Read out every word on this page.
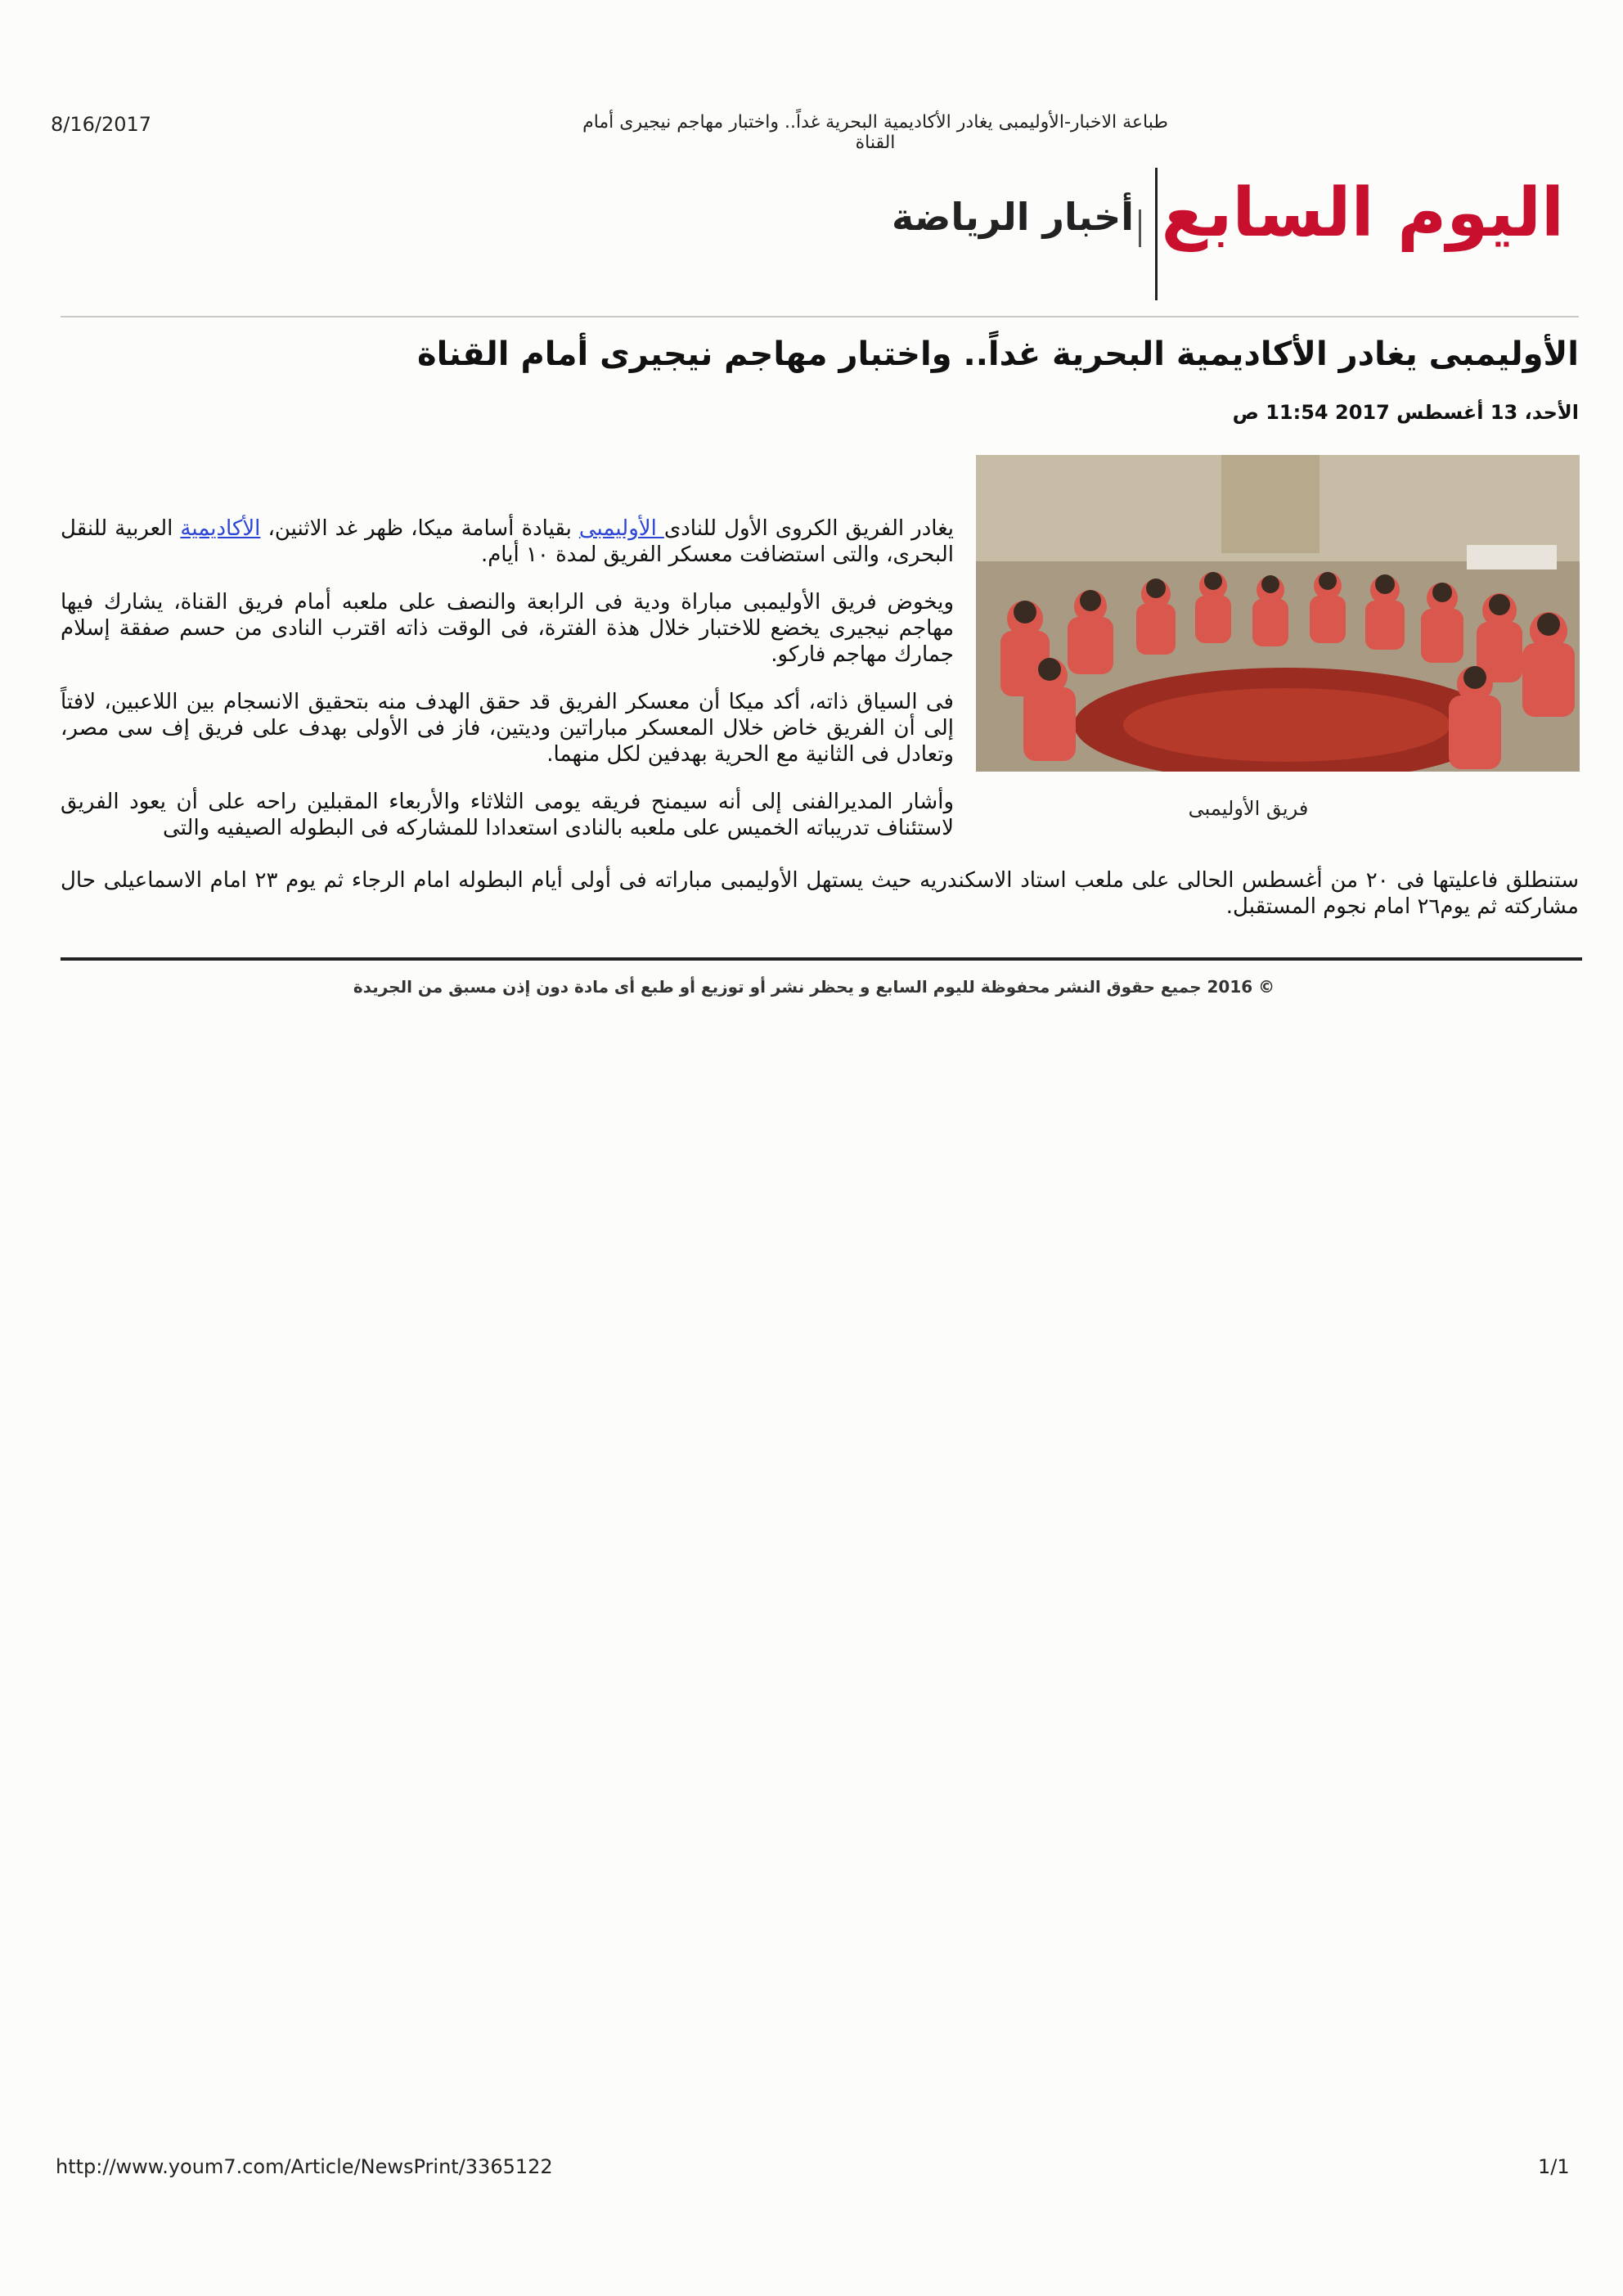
8/16/2017	طباعة الاخبار-الأوليمبى يغادر الأكاديمية البحرية غداً.. واختبار مهاجم نيجيرى أمام القناة
اليوم السابع
أخبار الرياضة
الأوليمبى يغادر الأكاديمية البحرية غداً.. واختبار مهاجم نيجيرى أمام القناة
الأحد، 13 أغسطس 2017 11:54 ص
فريق الأوليمبى

يغادر الفريق الكروى الأول للنادى الأوليمبى بقيادة أسامة ميكا، ظهر غد الاثنين، الأكاديمية العربية للنقل البحرى، والتى استضافت معسكر الفريق لمدة ١٠ أيام.

ويخوض فريق الأوليمبى مباراة ودية فى الرابعة والنصف على ملعبه أمام فريق القناة، يشارك فيها مهاجم نيجيرى يخضع للاختبار خلال هذة الفترة، فى الوقت ذاته اقترب النادى من حسم صفقة إسلام جمارك مهاجم فاركو.

فى السياق ذاته، أكد ميكا أن معسكر الفريق قد حقق الهدف منه بتحقيق الانسجام بين اللاعبين، لافتاً إلى أن الفريق خاض خلال المعسكر مباراتين وديتين، فاز فى الأولى بهدف على فريق إف سى مصر، وتعادل فى الثانية مع الحرية بهدفين لكل منهما.

وأشار المديرالفنى إلى أنه سيمنح فريقه يومى الثلاثاء والأربعاء المقبلين راحه على أن يعود الفريق لاستئناف تدريباته الخميس على ملعبه بالنادى استعدادا للمشاركه فى البطوله الصيفيه والتى

ستنطلق فاعليتها فى ٢٠ من أغسطس الحالى على ملعب استاد الاسكندريه حيث يستهل الأوليمبى مباراته فى أولى أيام البطوله امام الرجاء ثم يوم ٢٣ امام الاسماعيلى حال مشاركته ثم يوم٢٦ امام نجوم المستقبل.
© 2016 جميع حقوق النشر محفوظة لليوم السابع و يحظر نشر أو توزيع أو طبع أى مادة دون إذن مسبق من الجريدة
http://www.youm7.com/Article/NewsPrint/3365122	1/1
